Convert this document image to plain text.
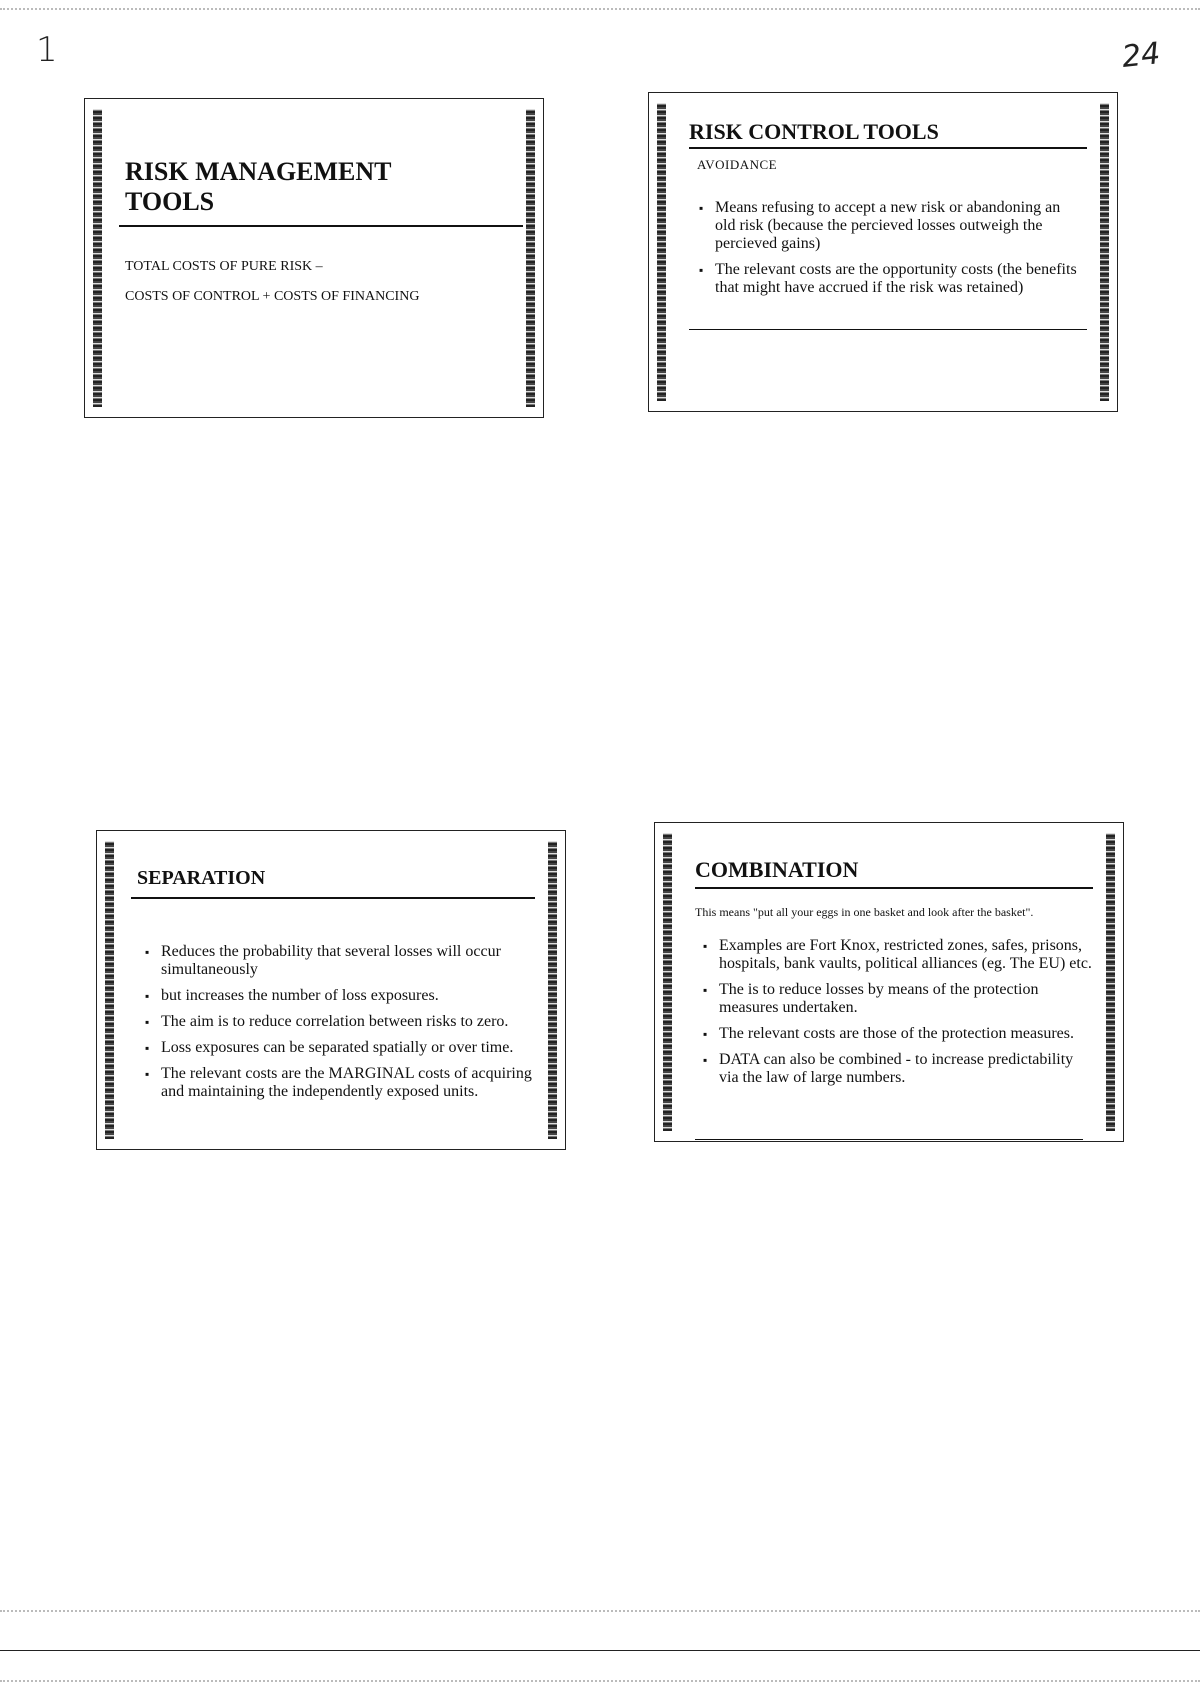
1	24
RISK MANAGEMENT TOOLS
TOTAL COSTS OF PURE RISK –
COSTS OF CONTROL + COSTS OF FINANCING
RISK CONTROL TOOLS

AVOIDANCE

▪ Means refusing to accept a new risk or abandoning an old risk (because the percieved losses outweigh the percieved gains)
▪ The relevant costs are the opportunity costs (the benefits that might have accrued if the risk was retained)
SEPARATION
▪ Reduces the probability that several losses will occur simultaneously
▪ but increases the number of loss exposures.
▪ The aim is to reduce correlation between risks to zero.
▪ Loss exposures can be separated spatially or over time.
▪ The relevant costs are the MARGINAL costs of acquiring and maintaining the independently exposed units.
COMBINATION

This means "put all your eggs in one basket and look after the basket".

▪ Examples are Fort Knox, restricted zones, safes, prisons, hospitals, bank vaults, political alliances (eg. The EU) etc.
▪ The is to reduce losses by means of the protection measures undertaken.
▪ The relevant costs are those of the protection measures.
▪ DATA can also be combined - to increase predictability via the law of large numbers.
